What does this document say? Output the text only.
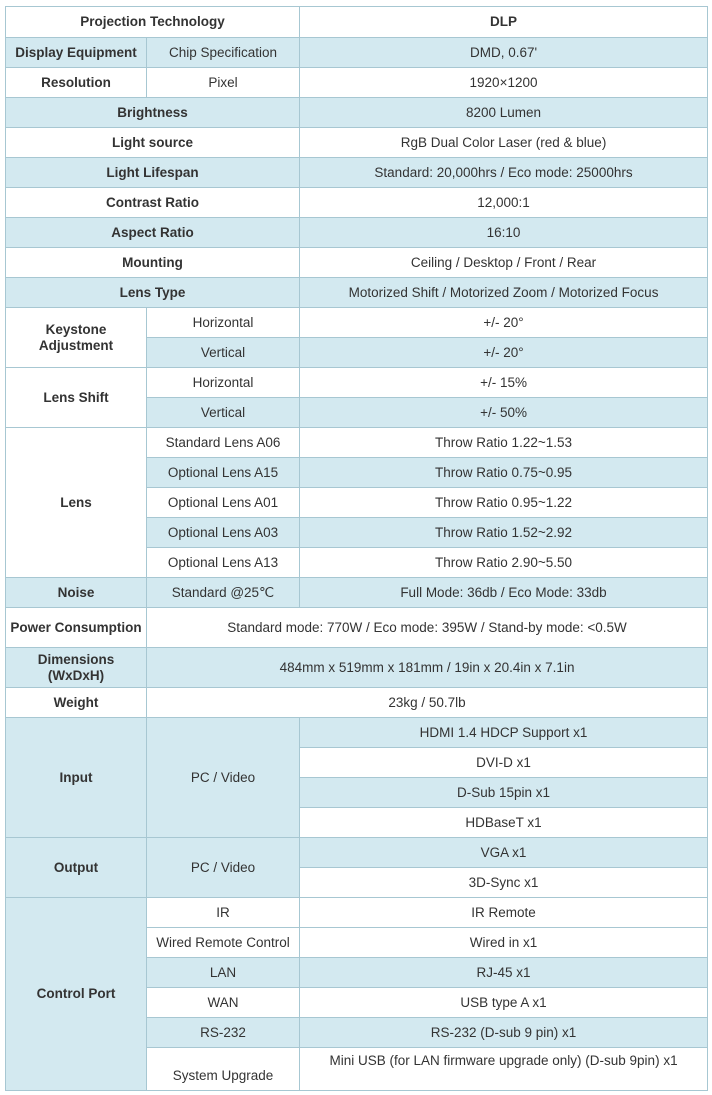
Projection Technology		DLP
Display Equipment	Chip Specification	DMD, 0.67'
Resolution	Pixel	1920×1200
Brightness		8200 Lumen
Light source		RgB Dual Color Laser (red & blue)
Light Lifespan		Standard: 20,000hrs / Eco mode: 25000hrs
Contrast Ratio		12,000:1
Aspect Ratio		16:10
Mounting		Ceiling / Desktop / Front / Rear
Lens Type		Motorized Shift / Motorized Zoom / Motorized Focus
Keystone Adjustment	Horizontal	+/- 20°
	Vertical	+/- 20°
Lens Shift	Horizontal	+/- 15%
	Vertical	+/- 50%
Lens	Standard Lens A06	Throw Ratio 1.22~1.53
	Optional Lens A15	Throw Ratio 0.75~0.95
	Optional Lens A01	Throw Ratio 0.95~1.22
	Optional Lens A03	Throw Ratio 1.52~2.92
	Optional Lens A13	Throw Ratio 2.90~5.50
Noise	Standard @25℃	Full Mode: 36db / Eco Mode: 33db
Power Consumption	Standard mode: 770W / Eco mode: 395W / Stand-by mode: <0.5W	
Dimensions (WxDxH)	484mm x 519mm x 181mm / 19in x 20.4in x 7.1in	
Weight	23kg / 50.7lb	
Input	PC / Video	HDMI 1.4 HDCP Support x1
		DVI-D x1
		D-Sub 15pin x1
		HDBaseT x1
Output	PC / Video	VGA x1
		3D-Sync x1
Control Port	IR	IR Remote
	Wired Remote Control	Wired in x1
	LAN	RJ-45 x1
	WAN	USB type A x1
	RS-232	RS-232 (D-sub 9 pin) x1
	System Upgrade	Mini USB (for LAN firmware upgrade only) (D-sub 9pin) x1
